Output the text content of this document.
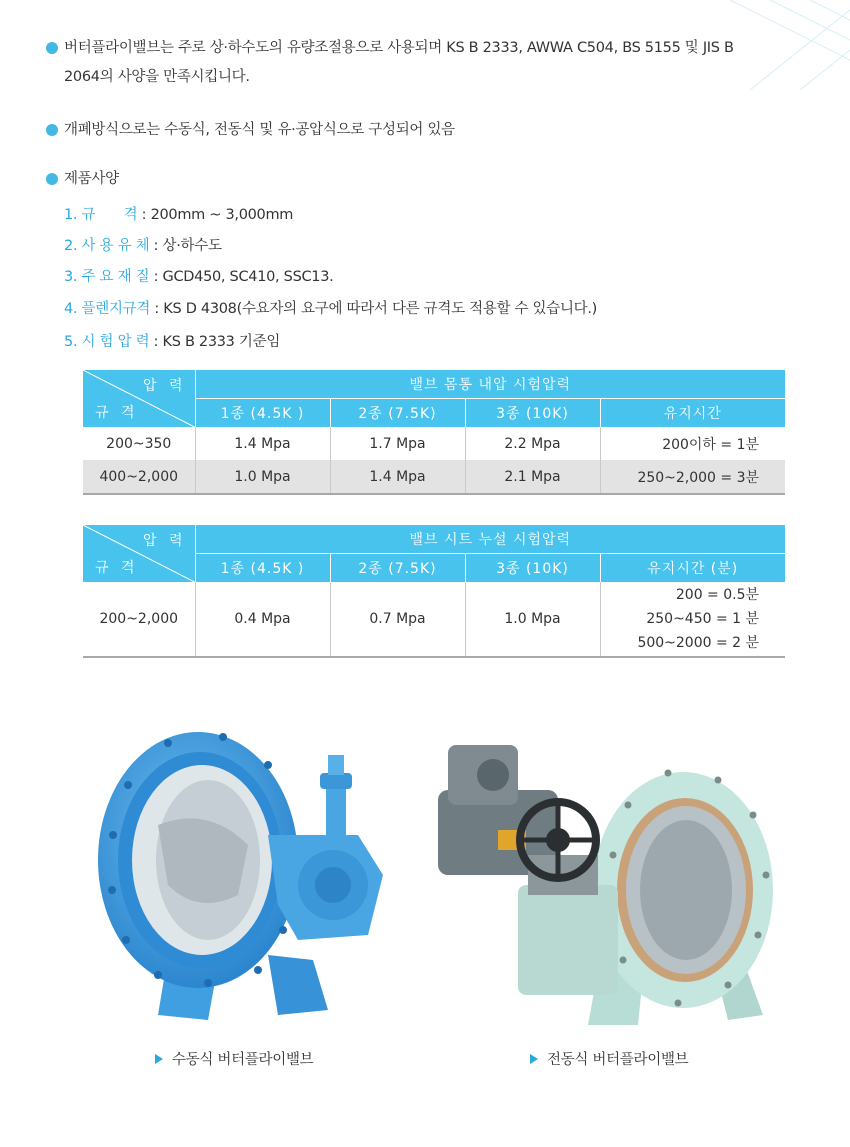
버터플라이밸브는 주로 상·하수도의 유량조절용으로 사용되며 KS B 2333, AWWA C504, BS 5155 및 JIS B
2064의 사양을 만족시킵니다.
개폐방식으로는 수동식, 전동식 및 유·공압식으로 구성되어 있음
제품사양
1. 규　　격 : 200mm ~ 3,000mm
2. 사 용 유 체 : 상·하수도
3. 주 요 재 질 : GCD450, SC410, SSC13.
4. 플렌지규격 : KS D 4308(수요자의 요구에 따라서 다른 규격도 적용할 수 있습니다.)
5. 시 험 압 력 : KS B 2333 기준임
압 력
규 격	밸브 몸통 내압 시험압력			
	1종 (4.5K )	2종 (7.5K)	3종 (10K)	유지시간
200~350	1.4 Mpa	1.7 Mpa	2.2 Mpa	200이하 = 1분
400~2,000	1.0 Mpa	1.4 Mpa	2.1 Mpa	250~2,000 = 3분
압 력
규 격	밸브 시트 누설 시험압력			
	1종 (4.5K )	2종 (7.5K)	3종 (10K)	유지시간 (분)
200~2,000	0.4 Mpa	0.7 Mpa	1.0 Mpa	200 = 0.5분
250~450 = 1 분
500~2000 = 2 분
수동식 버터플라이밸브	전동식 버터플라이밸브
